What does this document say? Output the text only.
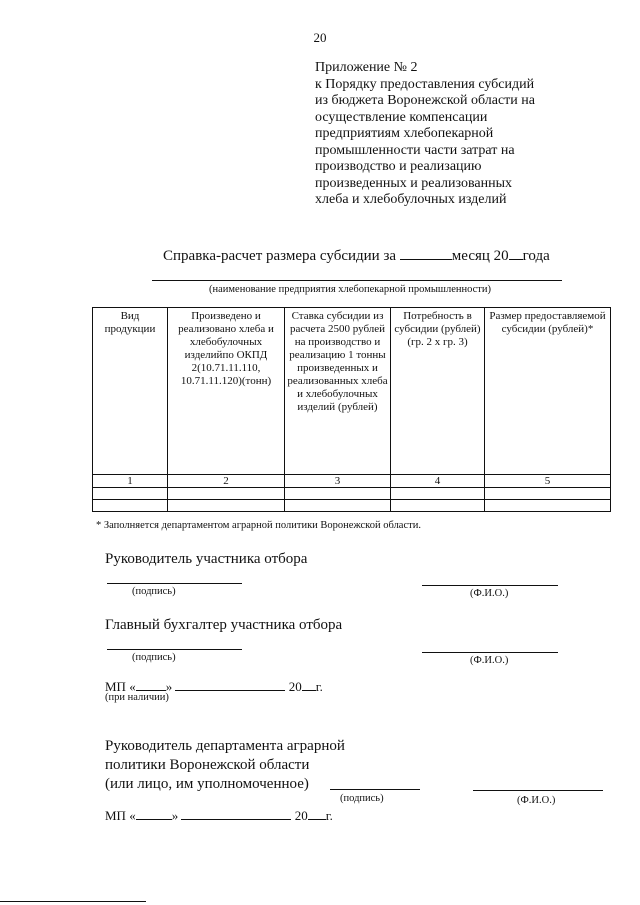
20
Приложение № 2
к Порядку предоставления субсидий
из бюджета Воронежской области на
осуществление компенсации
предприятиям хлебопекарной
промышленности части затрат на
производство и реализацию
произведенных и реализованных
хлеба и хлебобулочных изделий
Справка-расчет размера субсидии за	месяц 20 года
(наименование предприятия хлебопекарной промышленности)
Вид продукции	Произведено и реализовано хлеба и хлебобулочных изделийпо ОКПД 2(10.71.11.110, 10.71.11.120)(тонн)	Ставка субсидии из расчета 2500 рублей на производство и реализацию 1 тонны произведенных и реализованных хлеба и хлебобулочных изделий (рублей)	Потребность в субсидии (рублей) (гр. 2 х гр. 3)	Размер предоставляемой субсидии (рублей)*
1	2	3	4	5

* Заполняется департаментом аграрной политики Воронежской области.
Руководитель участника отбора
(подпись)	(Ф.И.О.)
Главный бухгалтер участника отбора
(подпись)	(Ф.И.О.)
МП « »	20 г.
(при наличии)
Руководитель департамента аграрной
политики Воронежской области
(или лицо, им уполномоченное)
(подпись)	(Ф.И.О.)
МП «	»	20 г.
